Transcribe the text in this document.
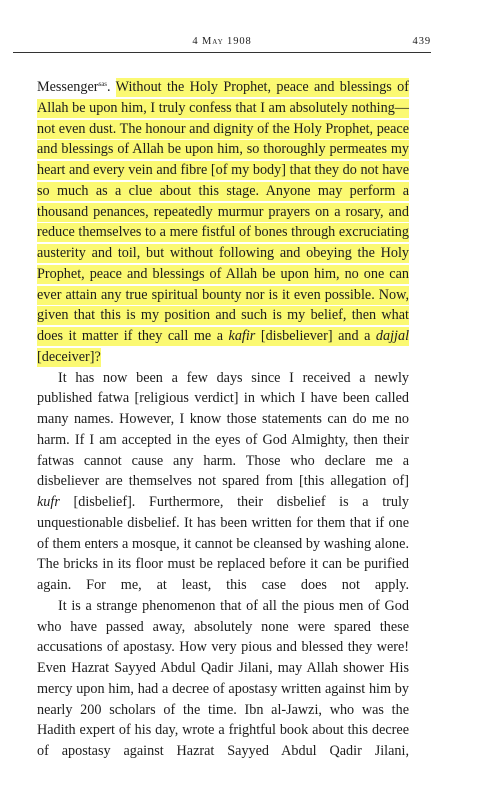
4 May 1908	439

Messenger$^{sas}$. Without the Holy Prophet, peace and blessings of Allah be upon him, I truly confess that I am absolutely nothing—not even dust. The honour and dignity of the Holy Prophet, peace and blessings of Allah be upon him, so thoroughly permeates my heart and every vein and fibre [of my body] that they do not have so much as a clue about this stage. Anyone may perform a thousand penances, repeatedly murmur prayers on a rosary, and reduce themselves to a mere fistful of bones through excruciating austerity and toil, but without following and obeying the Holy Prophet, peace and blessings of Allah be upon him, no one can ever attain any true spiritual bounty nor is it even possible. Now, given that this is my position and such is my belief, then what does it matter if they call me a kafir [disbeliever] and a dajjal [deceiver]?

It has now been a few days since I received a newly published fatwa [religious verdict] in which I have been called many names. However, I know those statements can do me no harm. If I am accepted in the eyes of God Almighty, then their fatwas cannot cause any harm. Those who declare me a disbeliever are themselves not spared from [this allegation of] kufr [disbelief]. Furthermore, their disbelief is a truly unquestionable disbelief. It has been written for them that if one of them enters a mosque, it cannot be cleansed by washing alone. The bricks in its floor must be replaced before it can be purified again. For me, at least, this case does not apply.

It is a strange phenomenon that of all the pious men of God who have passed away, absolutely none were spared these accusations of apostasy. How very pious and blessed they were! Even Hazrat Sayyed Abdul Qadir Jilani, may Allah shower His mercy upon him, had a decree of apostasy written against him by nearly 200 scholars of the time. Ibn al-Jawzi, who was the Hadith expert of his day, wrote a frightful book about this decree of apostasy against Hazrat Sayyed Abdul Qadir Jilani,
